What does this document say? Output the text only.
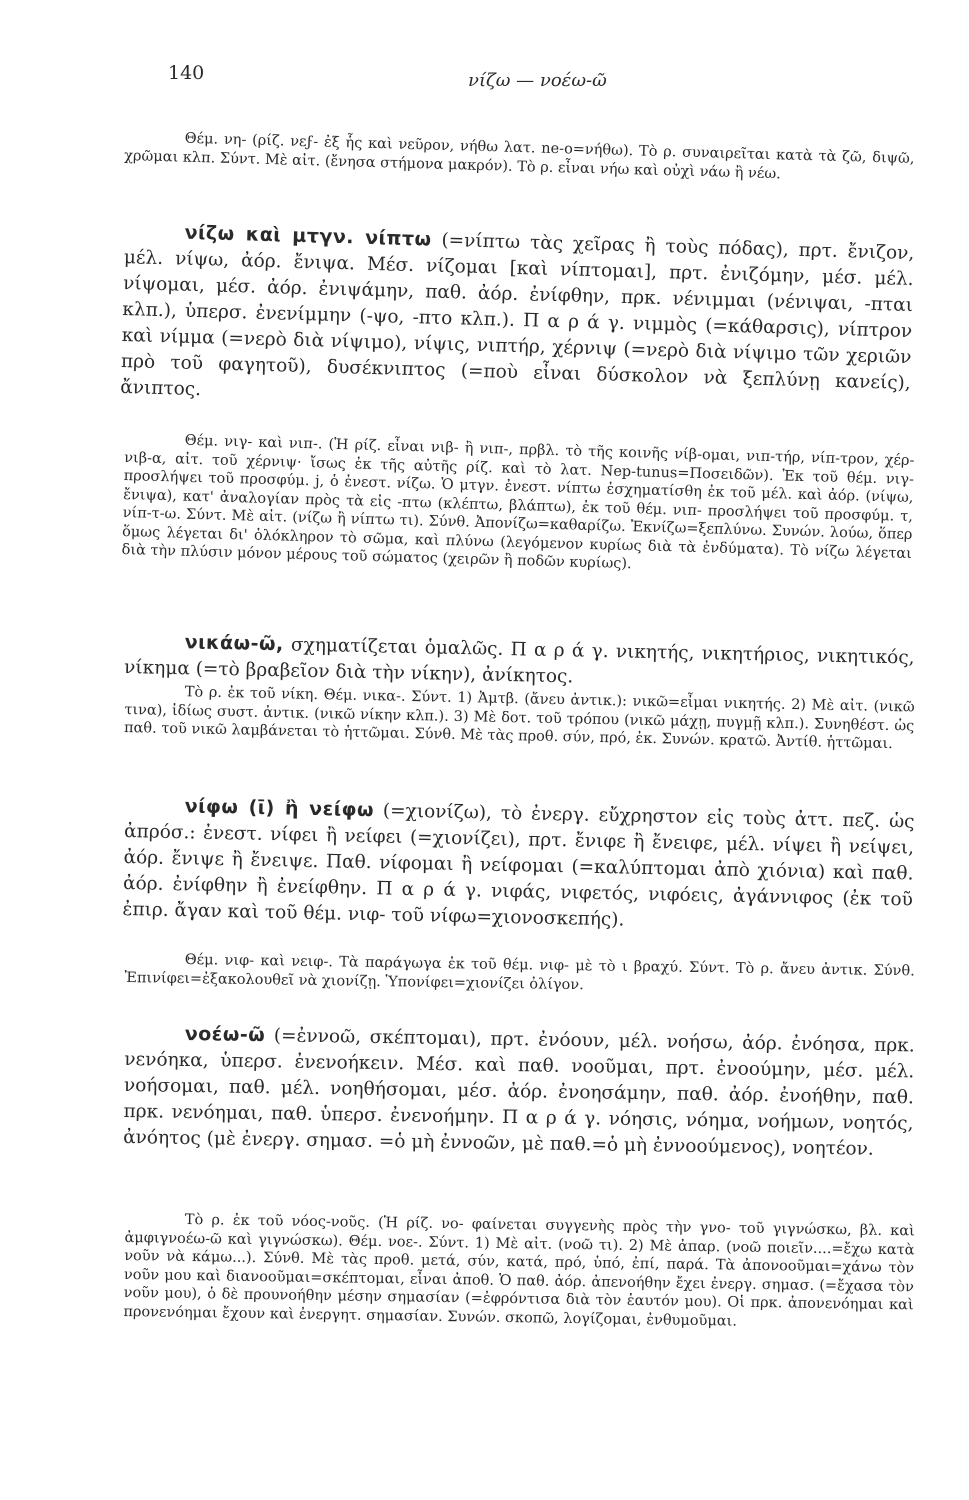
140	νίζω — νοέω-ῶ

Θέμ. νη- (ρίζ. νεϝ- ἐξ ἧς καὶ νεῦρον, νήθω λατ. ne-o=νήθω). Τὸ ρ. συναιρεῖται κατὰ τὰ ζῶ, διψῶ, χρῶμαι κλπ. Σύντ. Μὲ αἰτ. (ἔνησα στήμονα μακρόν). Τὸ ρ. εἶναι νήω καὶ οὐχὶ νάω ἢ νέω.

νίζω καὶ μτγν. νίπτω (=νίπτω τὰς χεῖρας ἢ τοὺς πόδας), πρτ. ἔνιζον, μέλ. νίψω, ἀόρ. ἔνιψα. Μέσ. νίζομαι [καὶ νίπτομαι], πρτ. ἐνιζόμην, μέσ. μέλ. νίψομαι, μέσ. ἀόρ. ἐνιψάμην, παθ. ἀόρ. ἐνίφθην, πρκ. νένιμμαι (νένιψαι, -πται κλπ.), ὑπερσ. ἐνενίμμην (-ψο, -πτο κλπ.). Π α ρ ά γ. νιμμὸς (=κάθαρσις), νίπτρον καὶ νίμμα (=νερὸ διὰ νίψιμο), νίψις, νιπτήρ, χέρνιψ (=νερὸ διὰ νίψιμο τῶν χεριῶν πρὸ τοῦ φαγητοῦ), δυσέκνιπτος (=ποὺ εἶναι δύσκολον νὰ ξεπλύνῃ κανείς), ἄνιπτος.

Θέμ. νιγ- καὶ νιπ-. (Ἡ ρίζ. εἶναι νιβ- ἢ νιπ-, πρβλ. τὸ τῆς κοινῆς νίβ-ομαι, νιπ-τήρ, νίπ-τρον, χέρ-νιβ-α, αἰτ. τοῦ χέρνιψ· ἴσως ἐκ τῆς αὐτῆς ρίζ. καὶ τὸ λατ. Nep-tunus=Ποσειδῶν). Ἐκ τοῦ θέμ. νιγ- προσλήψει τοῦ προσφύμ. j, ὁ ἐνεστ. νίζω. Ὁ μτγν. ἐνεστ. νίπτω ἐσχηματίσθη ἐκ τοῦ μέλ. καὶ ἀόρ. (νίψω, ἔνιψα), κατ' ἀναλογίαν πρὸς τὰ εἰς -πτω (κλέπτω, βλάπτω), ἐκ τοῦ θέμ. νιπ- προσλήψει τοῦ προσφύμ. τ, νίπ-τ-ω. Σύντ. Μὲ αἰτ. (νίζω ἢ νίπτω τι). Σύνθ. Ἀπονίζω=καθαρίζω. Ἐκνίζω=ξεπλύνω. Συνών. λούω, ὅπερ ὅμως λέγεται δι' ὁλόκληρον τὸ σῶμα, καὶ πλύνω (λεγόμενον κυρίως διὰ τὰ ἐνδύματα). Τὸ νίζω λέγεται διὰ τὴν πλύσιν μόνον μέρους τοῦ σώματος (χειρῶν ἢ ποδῶν κυρίως).

νικάω-ῶ, σχηματίζεται ὁμαλῶς. Π α ρ ά γ. νικητής, νικητήριος, νικητικός, νίκημα (=τὸ βραβεῖον διὰ τὴν νίκην), ἀνίκητος.

Τὸ ρ. ἐκ τοῦ νίκη. Θέμ. νικα-. Σύντ. 1) Ἀμτβ. (ἄνευ ἀντικ.): νικῶ=εἶμαι νικητής. 2) Μὲ αἰτ. (νικῶ τινα), ἰδίως συστ. ἀντικ. (νικῶ νίκην κλπ.). 3) Μὲ δοτ. τοῦ τρόπου (νικῶ μάχῃ, πυγμῇ κλπ.). Συνηθέστ. ὡς παθ. τοῦ νικῶ λαμβάνεται τὸ ἡττῶμαι. Σύνθ. Μὲ τὰς προθ. σύν, πρό, ἐκ. Συνών. κρατῶ. Ἀντίθ. ἡττῶμαι.

νίφω (ῑ) ἢ νείφω (=χιονίζω), τὸ ἐνεργ. εὔχρηστον εἰς τοὺς ἀττ. πεζ. ὡς ἀπρόσ.: ἐνεστ. νίφει ἢ νείφει (=χιονίζει), πρτ. ἔνιφε ἢ ἔνειφε, μέλ. νίψει ἢ νείψει, ἀόρ. ἔνιψε ἢ ἔνειψε. Παθ. νίφομαι ἢ νείφομαι (=καλύπτομαι ἀπὸ χιόνια) καὶ παθ. ἀόρ. ἐνίφθην ἢ ἐνείφθην. Π α ρ ά γ. νιφάς, νιφετός, νιφόεις, ἀγάννιφος (ἐκ τοῦ ἐπιρ. ἄγαν καὶ τοῦ θέμ. νιφ- τοῦ νίφω=χιονοσκεπής).

Θέμ. νιφ- καὶ νειφ-. Τὰ παράγωγα ἐκ τοῦ θέμ. νιφ- μὲ τὸ ι βραχύ. Σύντ. Τὸ ρ. ἄνευ ἀντικ. Σύνθ. Ἐπινίφει=ἐξακολουθεῖ νὰ χιονίζῃ. Ὑπονίφει=χιονίζει ὀλίγον.

νοέω-ῶ (=ἐννοῶ, σκέπτομαι), πρτ. ἐνόουν, μέλ. νοήσω, ἀόρ. ἐνόησα, πρκ. νενόηκα, ὑπερσ. ἐνενοήκειν. Μέσ. καὶ παθ. νοοῦμαι, πρτ. ἐνοούμην, μέσ. μέλ. νοήσομαι, παθ. μέλ. νοηθήσομαι, μέσ. ἀόρ. ἐνοησάμην, παθ. ἀόρ. ἐνοήθην, παθ. πρκ. νενόημαι, παθ. ὑπερσ. ἐνενοήμην. Π α ρ ά γ. νόησις, νόημα, νοήμων, νοητός, ἀνόητος (μὲ ἐνεργ. σημασ. =ὁ μὴ ἐννοῶν, μὲ παθ.=ὁ μὴ ἐννοούμενος), νοητέον.

Τὸ ρ. ἐκ τοῦ νόος-νοῦς. (Ἡ ρίζ. νο- φαίνεται συγγενὴς πρὸς τὴν γνο- τοῦ γιγνώσκω, βλ. καὶ ἀμφιγνοέω-ῶ καὶ γιγνώσκω). Θέμ. νοε-. Σύντ. 1) Μὲ αἰτ. (νοῶ τι). 2) Μὲ ἀπαρ. (νοῶ ποιεῖν....=ἔχω κατὰ νοῦν νὰ κάμω...). Σύνθ. Μὲ τὰς προθ. μετά, σύν, κατά, πρό, ὑπό, ἐπί, παρά. Τὰ ἀπονοοῦμαι=χάνω τὸν νοῦν μου καὶ διανοοῦμαι=σκέπτομαι, εἶναι ἀποθ. Ὁ παθ. ἀόρ. ἀπενοήθην ἔχει ἐνεργ. σημασ. (=ἔχασα τὸν νοῦν μου), ὁ δὲ προυνοήθην μέσην σημασίαν (=ἐφρόντισα διὰ τὸν ἑαυτόν μου). Οἱ πρκ. ἀπονενόημαι καὶ προνενόημαι ἔχουν καὶ ἐνεργητ. σημασίαν. Συνών. σκοπῶ, λογίζομαι, ἐνθυμοῦμαι.
